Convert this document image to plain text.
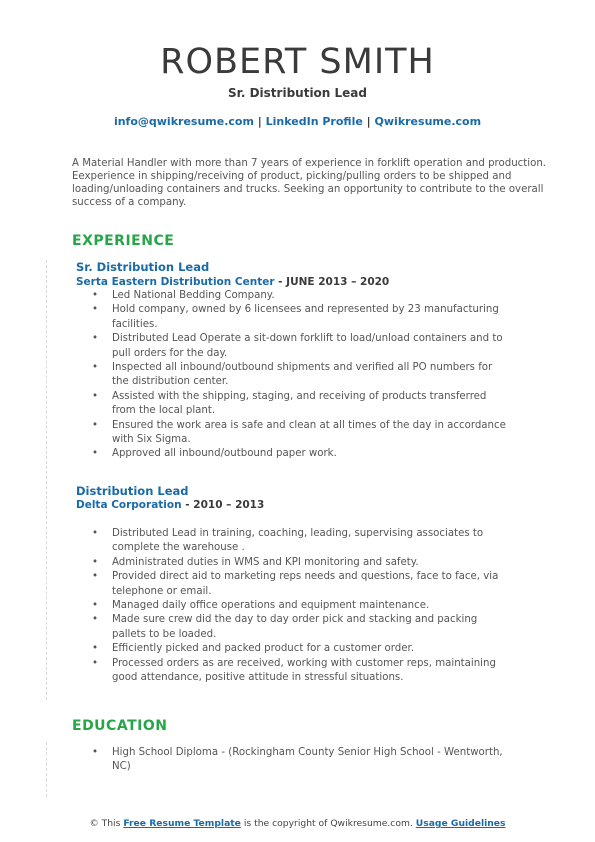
ROBERT SMITH
Sr. Distribution Lead
info@qwikresume.com | LinkedIn Profile | Qwikresume.com
A Material Handler with more than 7 years of experience in forklift operation and production. Eexperience in shipping/receiving of product, picking/pulling orders to be shipped and loading/unloading containers and trucks. Seeking an opportunity to contribute to the overall success of a company.
EXPERIENCE
Sr. Distribution Lead
Serta Eastern Distribution Center - JUNE 2013 – 2020
• Led National Bedding Company.
• Hold company, owned by 6 licensees and represented by 23 manufacturing facilities.
• Distributed Lead Operate a sit-down forklift to load/unload containers and to pull orders for the day.
• Inspected all inbound/outbound shipments and verified all PO numbers for the distribution center.
• Assisted with the shipping, staging, and receiving of products transferred from the local plant.
• Ensured the work area is safe and clean at all times of the day in accordance with Six Sigma.
• Approved all inbound/outbound paper work.
Distribution Lead
Delta Corporation - 2010 – 2013
• Distributed Lead in training, coaching, leading, supervising associates to complete the warehouse .
• Administrated duties in WMS and KPI monitoring and safety.
• Provided direct aid to marketing reps needs and questions, face to face, via telephone or email.
• Managed daily office operations and equipment maintenance.
• Made sure crew did the day to day order pick and stacking and packing pallets to be loaded.
• Efficiently picked and packed product for a customer order.
• Processed orders as are received, working with customer reps, maintaining good attendance, positive attitude in stressful situations.
EDUCATION
• High School Diploma - (Rockingham County Senior High School - Wentworth, NC)
© This Free Resume Template is the copyright of Qwikresume.com. Usage Guidelines
